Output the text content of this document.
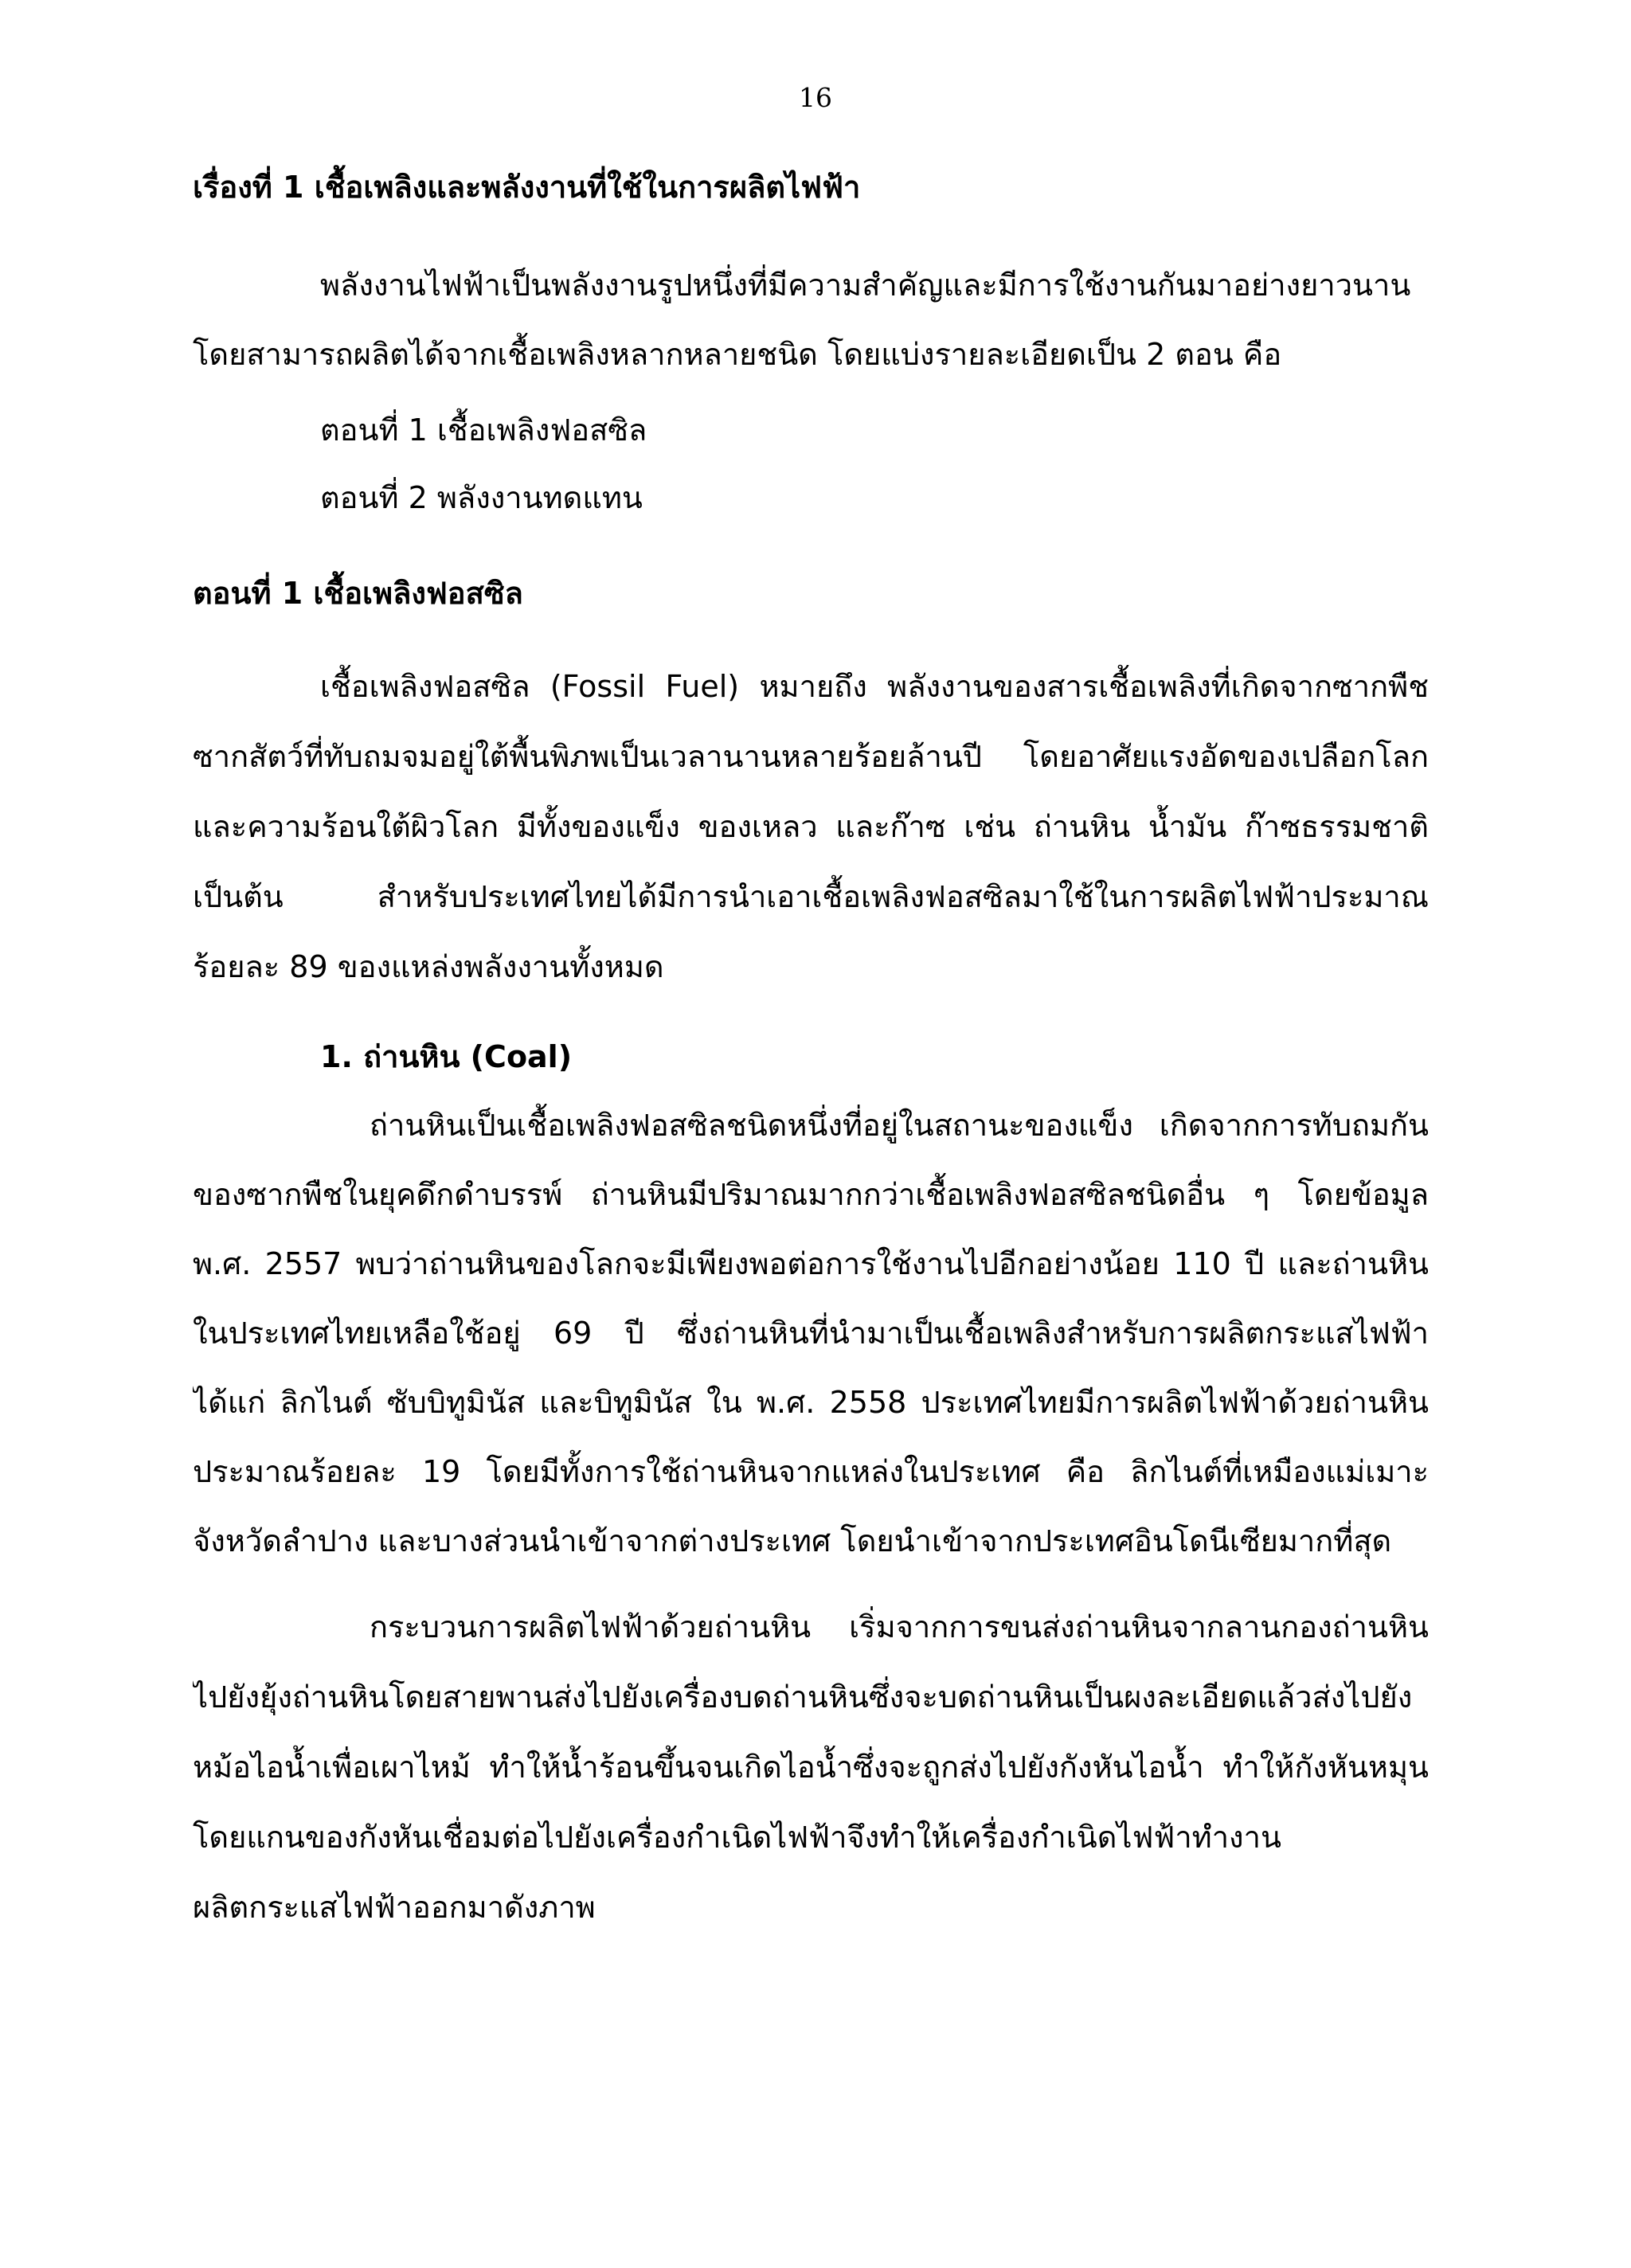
16
เรื่องที่ 1 เชื้อเพลิงและพลังงานที่ใช้ในการผลิตไฟฟ้า
พลังงานไฟฟ้าเป็นพลังงานรูปหนึ่งที่มีความสำคัญและมีการใช้งานกันมาอย่างยาวนาน
โดยสามารถผลิตได้จากเชื้อเพลิงหลากหลายชนิด โดยแบ่งรายละเอียดเป็น 2 ตอน คือ
ตอนที่ 1 เชื้อเพลิงฟอสซิล
ตอนที่ 2 พลังงานทดแทน
ตอนที่ 1 เชื้อเพลิงฟอสซิล
เชื้อเพลิงฟอสซิล (Fossil Fuel) หมายถึง พลังงานของสารเชื้อเพลิงที่เกิดจากซากพืช
ซากสัตว์ที่ทับถมจมอยู่ใต้พื้นพิภพเป็นเวลานานหลายร้อยล้านปี โดยอาศัยแรงอัดของเปลือกโลก
และความร้อนใต้ผิวโลก มีทั้งของแข็ง ของเหลว และก๊าซ เช่น ถ่านหิน น้ำมัน ก๊าซธรรมชาติ
เป็นต้น สำหรับประเทศไทยได้มีการนำเอาเชื้อเพลิงฟอสซิลมาใช้ในการผลิตไฟฟ้าประมาณ
ร้อยละ 89 ของแหล่งพลังงานทั้งหมด
1. ถ่านหิน (Coal)
ถ่านหินเป็นเชื้อเพลิงฟอสซิลชนิดหนึ่งที่อยู่ในสถานะของแข็ง เกิดจากการทับถมกัน
ของซากพืชในยุคดึกดำบรรพ์ ถ่านหินมีปริมาณมากกว่าเชื้อเพลิงฟอสซิลชนิดอื่น ๆ โดยข้อมูล
พ.ศ. 2557 พบว่าถ่านหินของโลกจะมีเพียงพอต่อการใช้งานไปอีกอย่างน้อย 110 ปี และถ่านหิน
ในประเทศไทยเหลือใช้อยู่ 69 ปี ซึ่งถ่านหินที่นำมาเป็นเชื้อเพลิงสำหรับการผลิตกระแสไฟฟ้า
ได้แก่ ลิกไนต์ ซับบิทูมินัส และบิทูมินัส ใน พ.ศ. 2558 ประเทศไทยมีการผลิตไฟฟ้าด้วยถ่านหิน
ประมาณร้อยละ 19 โดยมีทั้งการใช้ถ่านหินจากแหล่งในประเทศ คือ ลิกไนต์ที่เหมืองแม่เมาะ
จังหวัดลำปาง และบางส่วนนำเข้าจากต่างประเทศ โดยนำเข้าจากประเทศอินโดนีเซียมากที่สุด
กระบวนการผลิตไฟฟ้าด้วยถ่านหิน เริ่มจากการขนส่งถ่านหินจากลานกองถ่านหิน
ไปยังยุ้งถ่านหินโดยสายพานส่งไปยังเครื่องบดถ่านหินซึ่งจะบดถ่านหินเป็นผงละเอียดแล้วส่งไปยัง
หม้อไอน้ำเพื่อเผาไหม้ ทำให้น้ำร้อนขึ้นจนเกิดไอน้ำซึ่งจะถูกส่งไปยังกังหันไอน้ำ ทำให้กังหันหมุน
โดยแกนของกังหันเชื่อมต่อไปยังเครื่องกำเนิดไฟฟ้าจึงทำให้เครื่องกำเนิดไฟฟ้าทำงาน
ผลิตกระแสไฟฟ้าออกมาดังภาพ
